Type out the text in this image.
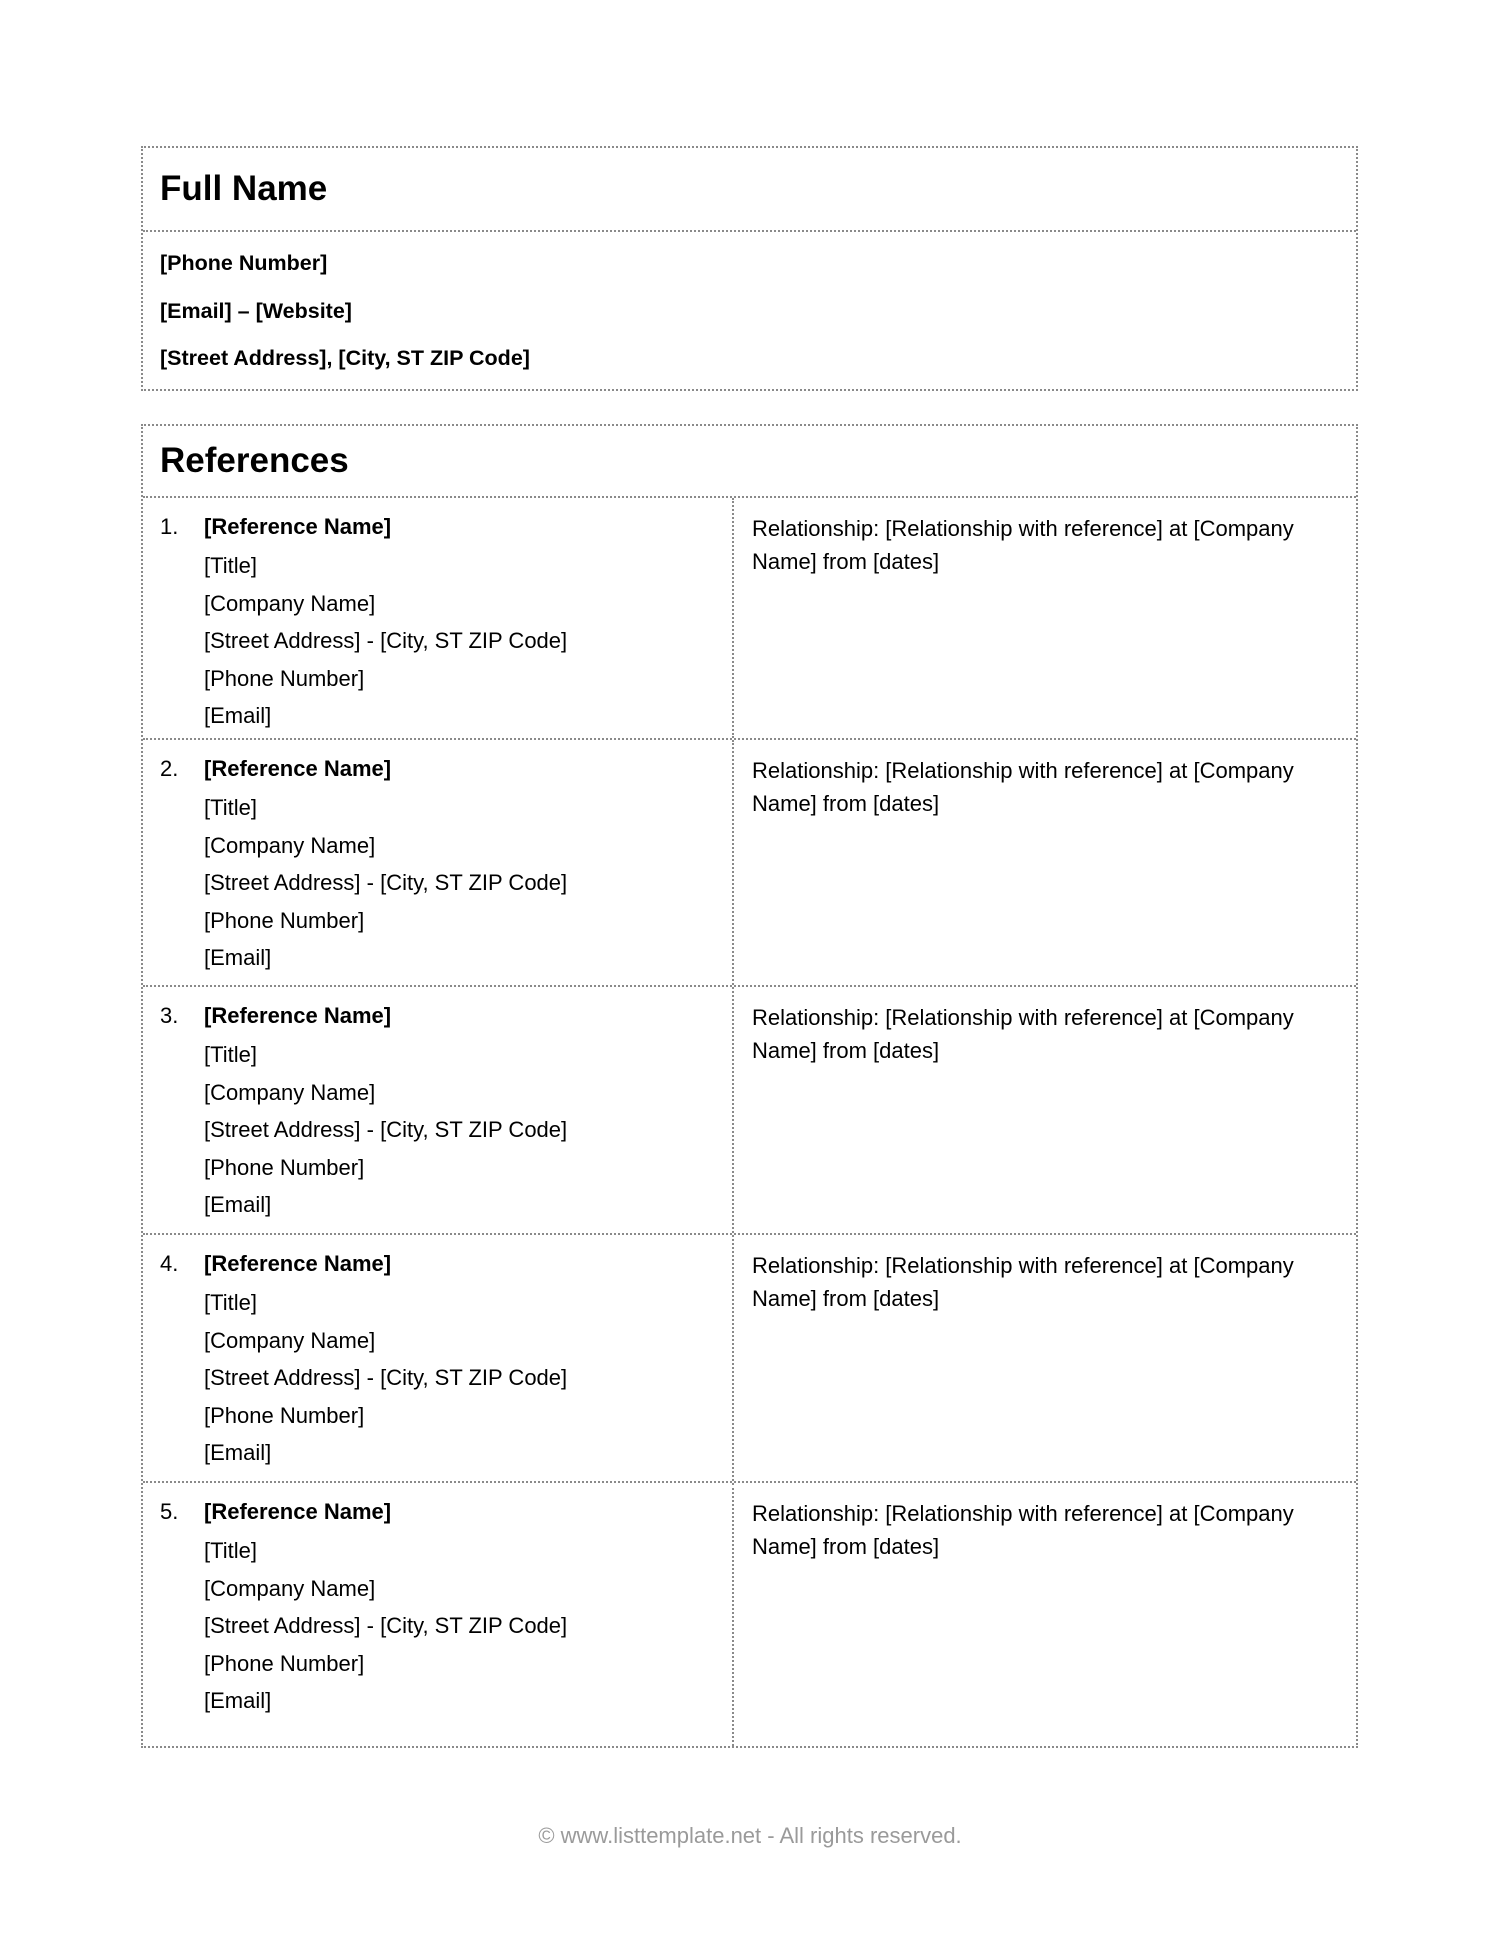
Full Name
[Phone Number]
[Email] – [Website]
[Street Address], [City, ST ZIP Code]
References
1.	[Reference Name]
[Title]
[Company Name]
[Street Address] - [City, ST ZIP Code]
[Phone Number]
[Email]
Relationship: [Relationship with reference] at [Company Name] from [dates]
2.	[Reference Name]
[Title]
[Company Name]
[Street Address] - [City, ST ZIP Code]
[Phone Number]
[Email]
Relationship: [Relationship with reference] at [Company Name] from [dates]
3.	[Reference Name]
[Title]
[Company Name]
[Street Address] - [City, ST ZIP Code]
[Phone Number]
[Email]
Relationship: [Relationship with reference] at [Company Name] from [dates]
4.	[Reference Name]
[Title]
[Company Name]
[Street Address] - [City, ST ZIP Code]
[Phone Number]
[Email]
Relationship: [Relationship with reference] at [Company Name] from [dates]
5.	[Reference Name]
[Title]
[Company Name]
[Street Address] - [City, ST ZIP Code]
[Phone Number]
[Email]
Relationship: [Relationship with reference] at [Company Name] from [dates]
© www.listtemplate.net - All rights reserved.
